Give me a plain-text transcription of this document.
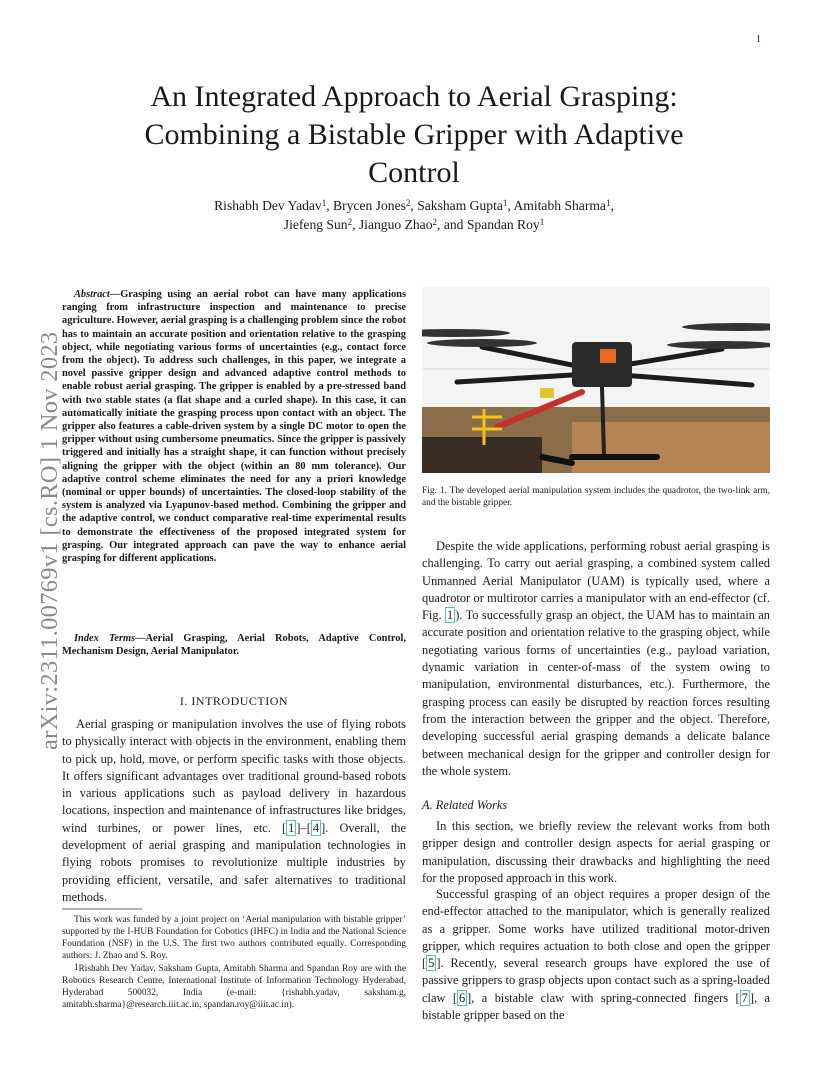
1
An Integrated Approach to Aerial Grasping:
Combining a Bistable Gripper with Adaptive
Control
Rishabh Dev Yadav$^1$, Brycen Jones$^2$, Saksham Gupta$^1$, Amitabh Sharma$^1$,
Jiefeng Sun$^2$, Jianguo Zhao$^2$, and Spandan Roy$^1$
arXiv:2311.00769v1 [cs.RO] 1 Nov 2023

Abstract—Grasping using an aerial robot can have many applications ranging from infrastructure inspection and maintenance to precise agriculture. However, aerial grasping is a challenging problem since the robot has to maintain an accurate position and orientation relative to the grasping object, while negotiating various forms of uncertainties (e.g., contact force from the object). To address such challenges, in this paper, we integrate a novel passive gripper design and advanced adaptive control methods to enable robust aerial grasping. The gripper is enabled by a pre-stressed band with two stable states (a flat shape and a curled shape). In this case, it can automatically initiate the grasping process upon contact with an object. The gripper also features a cable-driven system by a single DC motor to open the gripper without using cumbersome pneumatics. Since the gripper is passively triggered and initially has a straight shape, it can function without precisely aligning the gripper with the object (within an 80 mm tolerance). Our adaptive control scheme eliminates the need for any a priori knowledge (nominal or upper bounds) of uncertainties. The closed-loop stability of the system is analyzed via Lyapunov-based method. Combining the gripper and the adaptive control, we conduct comparative real-time experimental results to demonstrate the effectiveness of the proposed integrated system for grasping. Our integrated approach can pave the way to enhance aerial grasping for different applications.

Index Terms—Aerial Grasping, Aerial Robots, Adaptive Control, Mechanism Design, Aerial Manipulator.

I. INTRODUCTION

Aerial grasping or manipulation involves the use of flying robots to physically interact with objects in the environment, enabling them to pick up, hold, move, or perform specific tasks with those objects. It offers significant advantages over traditional ground-based robots in various applications such as payload delivery in hazardous locations, inspection and maintenance of infrastructures like bridges, wind turbines, or power lines, etc. [ 1 ]–[ 4 ]. Overall, the development of aerial grasping and manipulation technologies in flying robots promises to revolutionize multiple industries by providing efficient, versatile, and safer alternatives to traditional methods.

This work was funded by a joint project on ‘Aerial manipulation with bistable gripper’ supported by the I-HUB Foundation for Cobotics (IHFC) in India and the National Science Foundation (NSF) in the U.S. The first two authors contributed equally. Corresponding authors: J. Zhao and S. Roy.

$^1$Rishabh Dev Yadav, Saksham Gupta, Amitabh Sharma and Spandan Roy are with the Robotics Research Centre, International Institute of Information Technology Hyderabad, Hyderabad 500032, India (e-mail: {rishabh.yadav, saksham.g, amitabh.sharma}@research.iiit.ac.in, spandan.roy@iiit.ac.in).

Fig. 1. The developed aerial manipulation system includes the quadrotor, the two-link arm, and the bistable gripper.

Despite the wide applications, performing robust aerial grasping is challenging. To carry out aerial grasping, a combined system called Unmanned Aerial Manipulator (UAM) is typically used, where a quadrotor or multirotor carries a manipulator with an end-effector (cf. Fig. 1 ). To successfully grasp an object, the UAM has to maintain an accurate position and orientation relative to the grasping object, while negotiating various forms of uncertainties (e.g., payload variation, dynamic variation in center-of-mass of the system owing to manipulation, environmental disturbances, etc.). Furthermore, the grasping process can easily be disrupted by reaction forces resulting from the interaction between the gripper and the object. Therefore, developing successful aerial grasping demands a delicate balance between mechanical design for the gripper and controller design for the whole system.

A. Related Works

In this section, we briefly review the relevant works from both gripper design and controller design aspects for aerial grasping or manipulation, discussing their drawbacks and highlighting the need for the proposed approach in this work.

Successful grasping of an object requires a proper design of the end-effector attached to the manipulator, which is generally realized as a gripper. Some works have utilized traditional motor-driven gripper, which requires actuation to both close and open the gripper [ 5 ]. Recently, several research groups have explored the use of passive grippers to grasp objects upon contact such as a spring-loaded claw [ 6 ], a bistable claw with spring-connected fingers [ 7 ], a bistable gripper based on the
